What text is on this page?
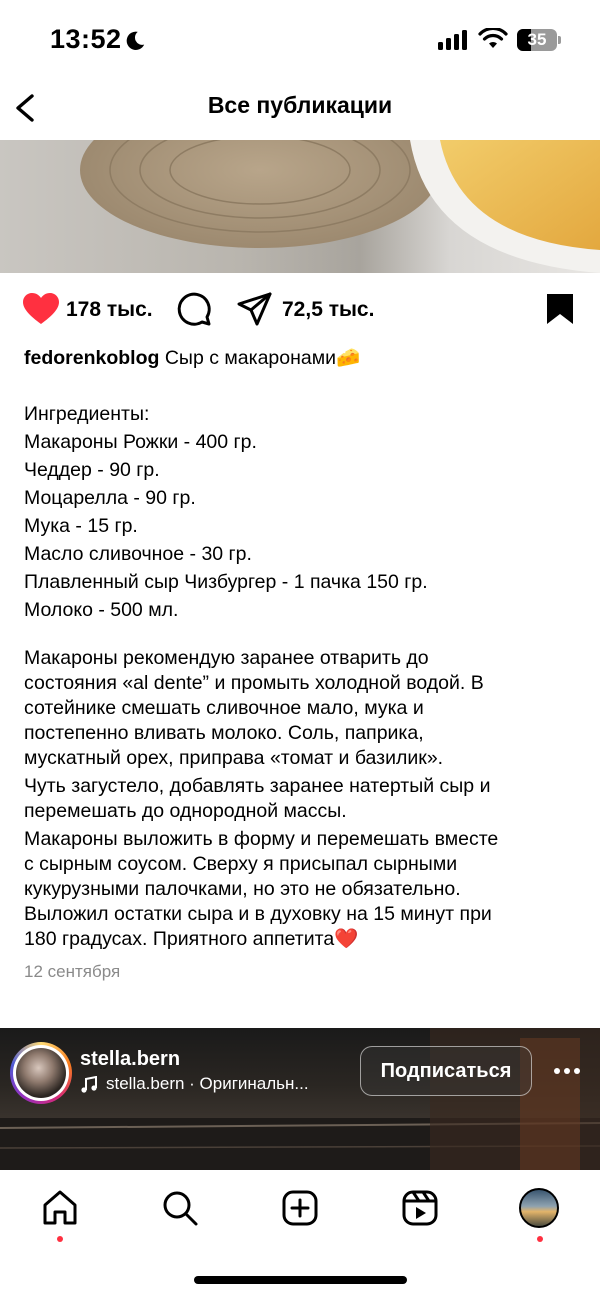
13:52	35
Все публикации
178 тыс.	72,5 тыс.

fedorenkoblog Сыр с макаронами🧀

Ингредиенты:

Макароны Рожки - 400 гр.

Чеддер - 90 гр.

Моцарелла - 90 гр.

Мука - 15 гр.

Масло сливочное - 30 гр.

Плавленный сыр Чизбургер - 1 пачка 150 гр.

Молоко - 500 мл.

Макароны рекомендую заранее отварить до

состояния «al dente” и промыть холодной водой. В

сотейнике смешать сливочное мало, мука и

постепенно вливать молоко. Соль, паприка,

мускатный орех, приправа «томат и базилик».

Чуть загустело, добавлять заранее натертый сыр и

перемешать до однородной массы.

Макароны выложить в форму и перемешать вместе

с сырным соусом. Сверху я присыпал сырными

кукурузными палочками, но это не обязательно.

Выложил остатки сыра и в духовку на 15 минут при

180 градусах. Приятного аппетита❤️

12 сентября
stella.bern
stella.bern · Оригинальн...
Подписаться
